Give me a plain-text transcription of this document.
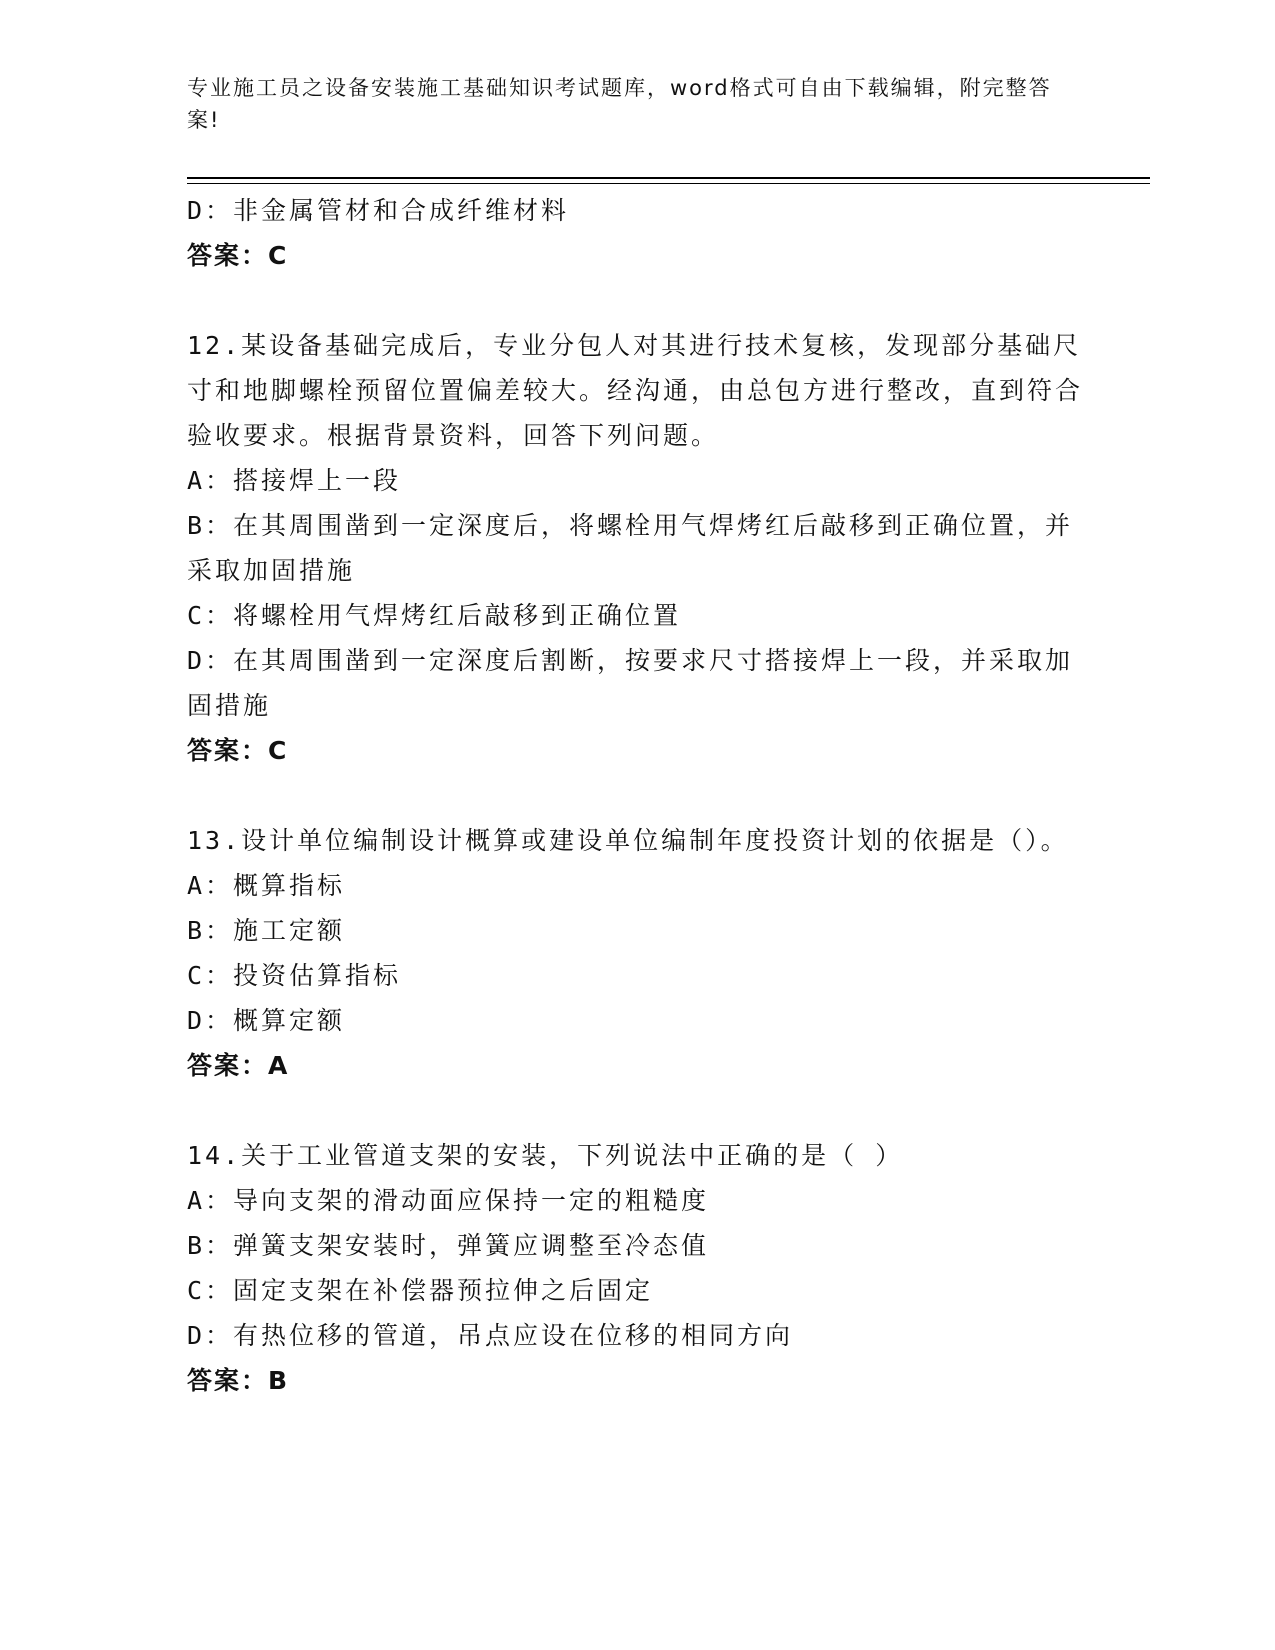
专业施工员之设备安装施工基础知识考试题库，word格式可自由下载编辑，附完整答案!
D：非金属管材和合成纤维材料
答案：C
12.某设备基础完成后，专业分包人对其进行技术复核，发现部分基础尺寸和地脚螺栓预留位置偏差较大。经沟通，由总包方进行整改，直到符合验收要求。根据背景资料，回答下列问题。
A：搭接焊上一段
B：在其周围凿到一定深度后，将螺栓用气焊烤红后敲移到正确位置，并采取加固措施
C：将螺栓用气焊烤红后敲移到正确位置
D：在其周围凿到一定深度后割断，按要求尺寸搭接焊上一段，并采取加固措施
答案：C
13.设计单位编制设计概算或建设单位编制年度投资计划的依据是（）。
A：概算指标
B：施工定额
C：投资估算指标
D：概算定额
答案：A
14.关于工业管道支架的安装，下列说法中正确的是（ ）
A：导向支架的滑动面应保持一定的粗糙度
B：弹簧支架安装时，弹簧应调整至冷态值
C：固定支架在补偿器预拉伸之后固定
D：有热位移的管道，吊点应设在位移的相同方向
答案：B
